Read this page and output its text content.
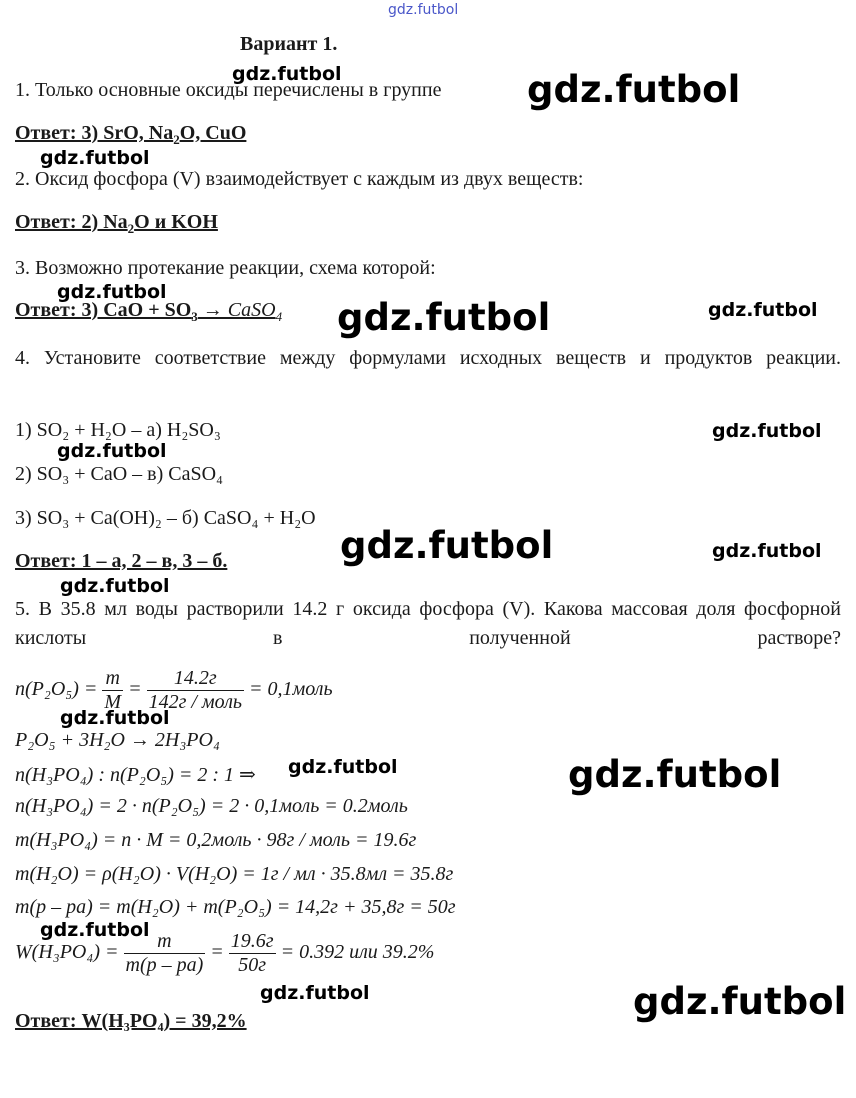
gdz.futbol
Вариант 1.
1. Только основные оксиды перечислены в группе
Ответ: 3) SrO, $Na_2O$, CuO
2. Оксид фосфора (V) взаимодействует с каждым из двух веществ:
Ответ: 2) $Na_2O$ и KOH
3. Возможно протекание реакции, схема которой:
Ответ: 3) CaO + $SO_3$ → CaSO$_4$
4. Установите соответствие между формулами исходных веществ и продуктов реакции.
1) SO₂ + H₂O – а) H₂SO₃
2) SO₃ + CaO – в) CaSO₄
3) SO₃ + Ca(OH)₂ – б) CaSO₄ + H₂O
Ответ: 1 – а, 2 – в, 3 – б.
5. В 35.8 мл воды растворили 14.2 г оксида фосфора (V). Какова массовая доля фосфорной кислоты в полученной растворе?
$n(P_2O_5) = \frac{m}{M} = \frac{14.2г}{\text{142г / моль}}$ = 0,1моль
P₂O₅ + 3H₂O → 2H₃PO₄
n(H₃PO₄) : n(P₂O₅) = 2 : 1 ⇒
n(H₃PO₄) = 2 · n(P₂O₅) = 2 · 0,1моль = 0.2моль
m(H₃PO₄) = n · M = 0,2моль · 98г / моль = 19.6г
m(H₂O) = ρ(H₂O) · V(H₂O) = 1г / мл · 35.8мл = 35.8г
m(р – ра) = m(H₂O) + m(P₂O₅) = 14,2г + 35,8г = 50г
$W(H_3PO_4) = \frac{m}{m(р - ра)} = \frac{19.6г}{50г} = 0.392$ или 39.2%
Ответ: W(H₃PO₄) = 39,2%
gdz.futbol
gdz.futbol
gdz.futbol
gdz.futbol
gdz.futbol
gdz.futbol
gdz.futbol
gdz.futbol
gdz.futbol
gdz.futbol
gdz.futbol
gdz.futbol
gdz.futbol
gdz.futbol
gdz.futbol
gdz.futbol
gdz.futbol
